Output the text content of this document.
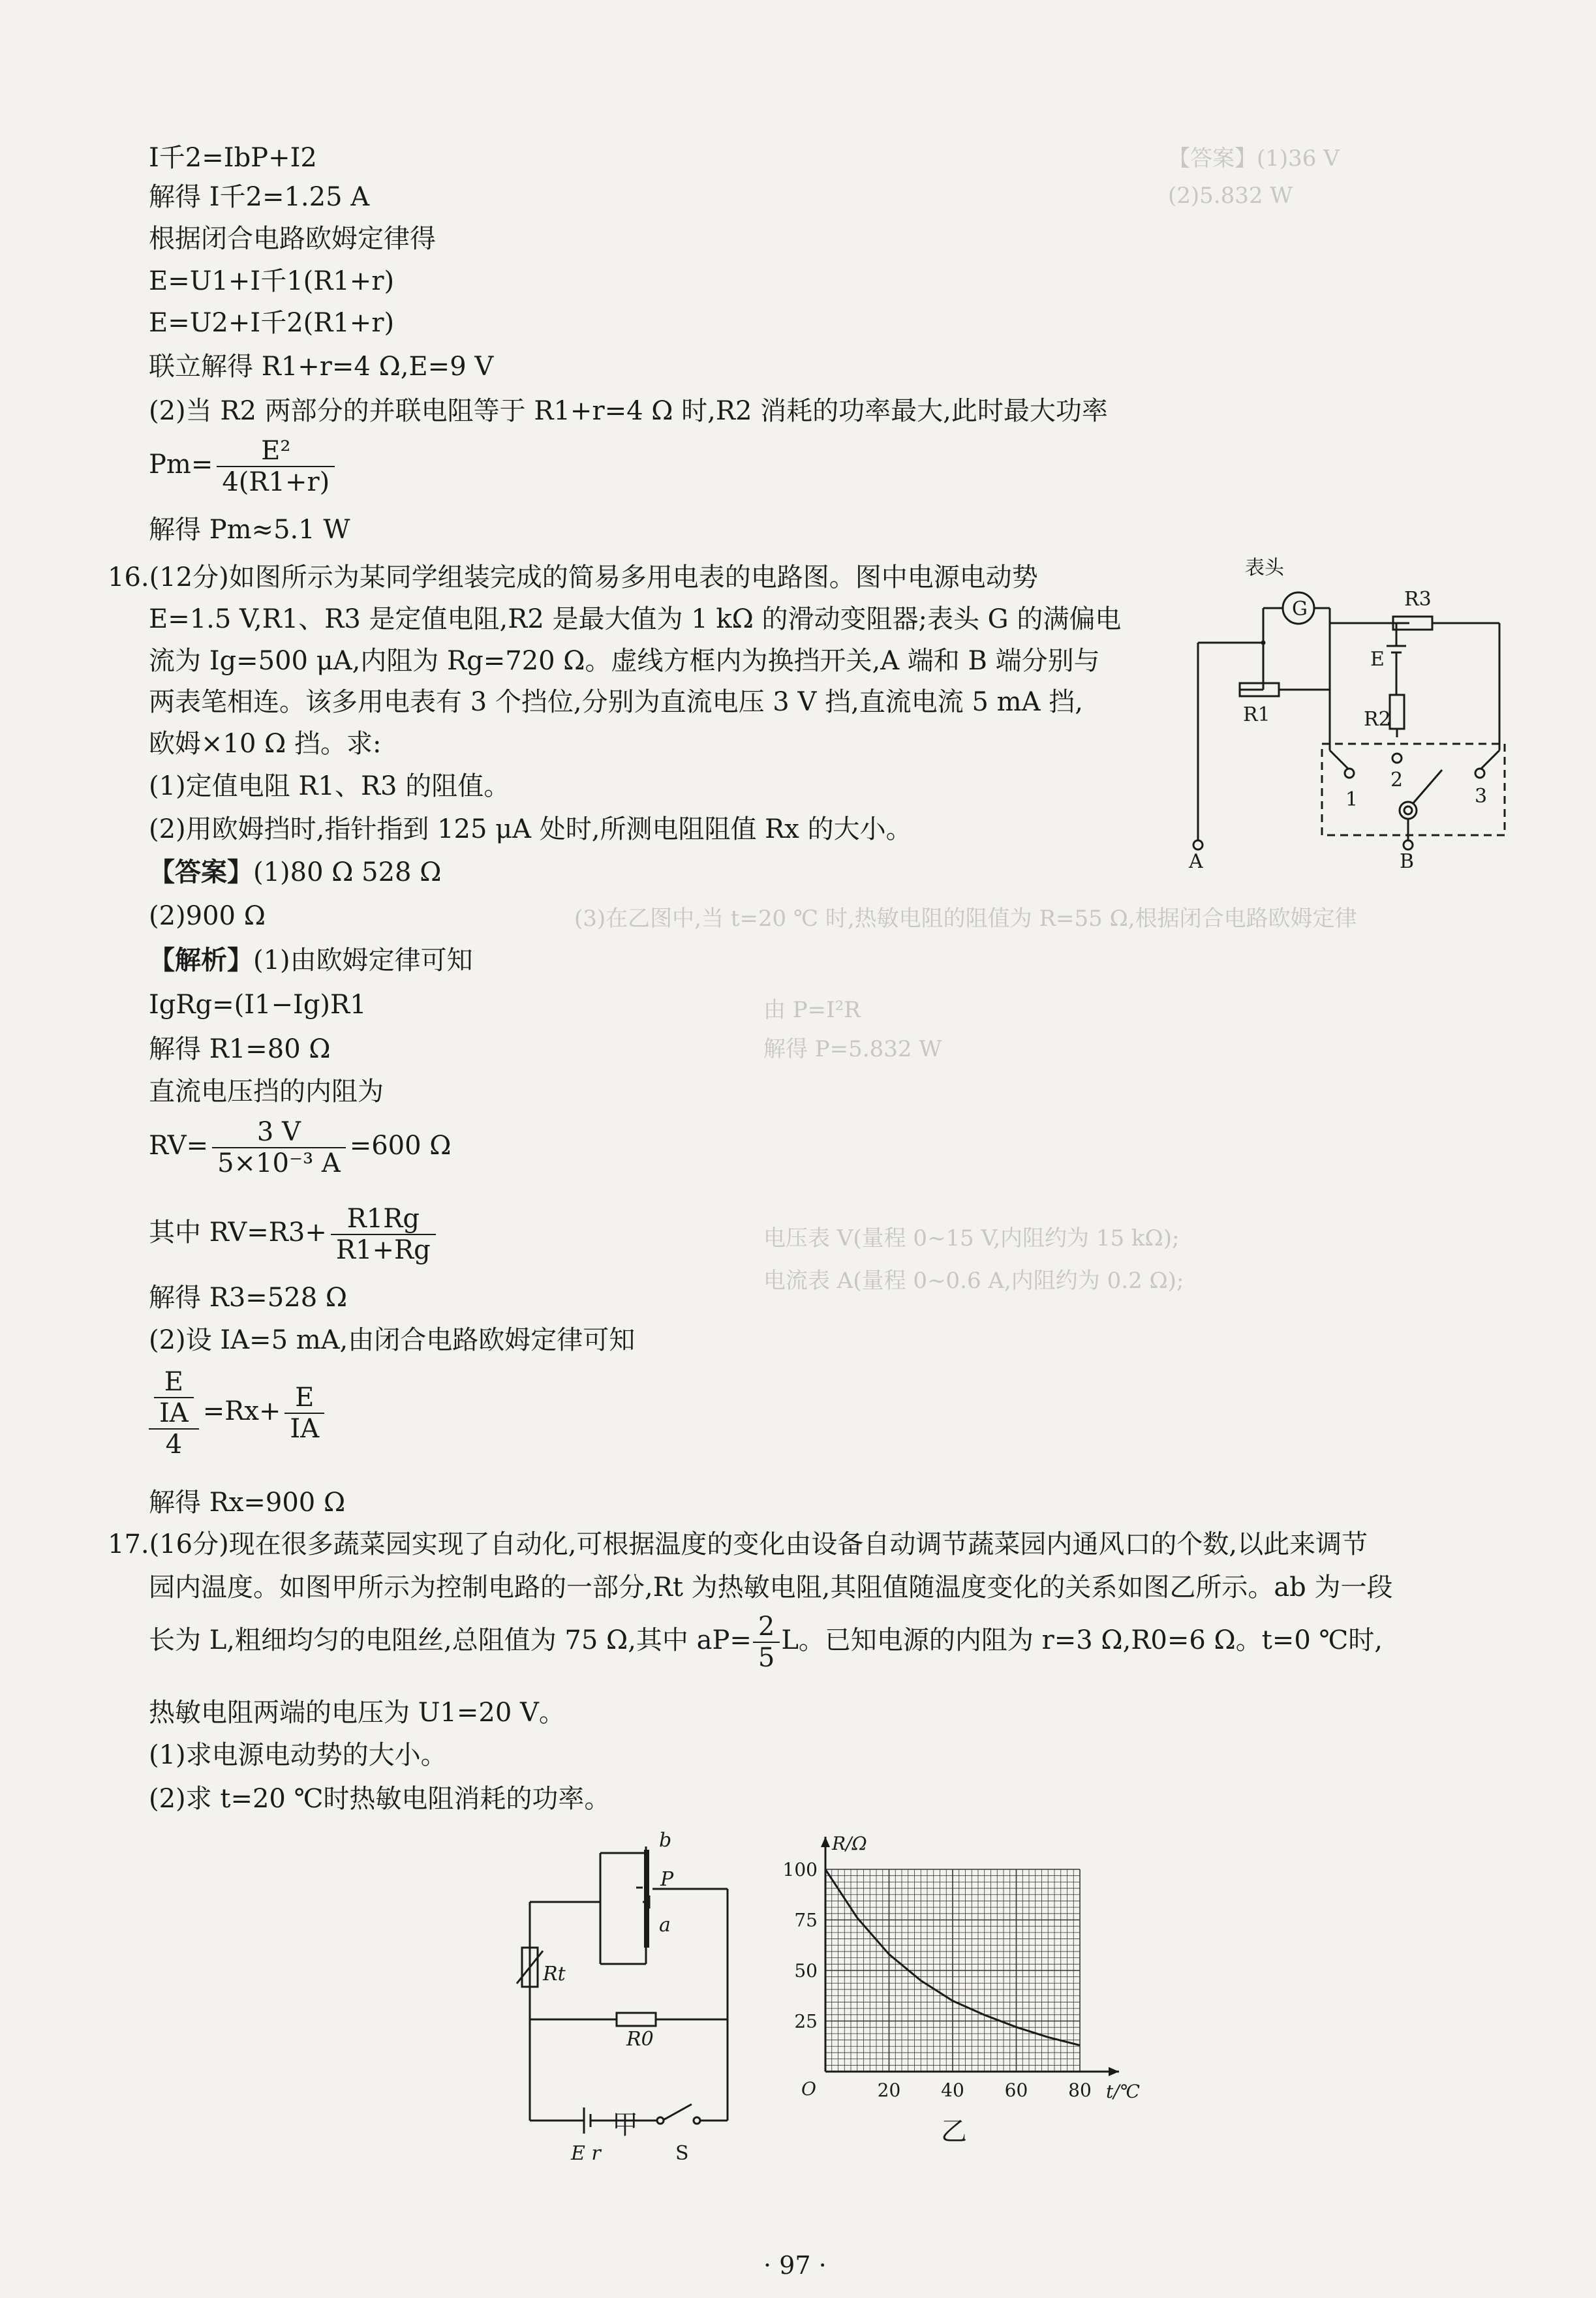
【答案】(1)36 V
(2)5.832 W
(3)在乙图中,当 t=20 ℃ 时,热敏电阻的阻值为 R=55 Ω,根据闭合电路欧姆定律
由 P=I²R
解得 P=5.832 W
电压表 V(量程 0~15 V,内阻约为 15 kΩ);
电流表 A(量程 0~0.6 A,内阻约为 0.2 Ω);
I千2=IbP+I2
解得 I千2=1.25 A
根据闭合电路欧姆定律得
E=U1+I千1(R1+r)
E=U2+I千2(R1+r)
联立解得 R1+r=4 Ω,E=9 V
(2)当 R2 两部分的并联电阻等于 R1+r=4 Ω 时,R2 消耗的功率最大,此时最大功率
$Pm= \frac{\text{E²}}{4(R1+r)}$
解得 Pm≈5.1 W
16.(12分)如图所示为某同学组装完成的简易多用电表的电路图。图中电源电动势
E=1.5 V,R1、R3 是定值电阻,R2 是最大值为 1 kΩ 的滑动变阻器;表头 G 的满偏电
流为 Ig=500 μA,内阻为 Rg=720 Ω。虚线方框内为换挡开关,A 端和 B 端分别与
两表笔相连。该多用电表有 3 个挡位,分别为直流电压 3 V 挡,直流电流 5 mA 挡,
欧姆×10 Ω 挡。求:
(1)定值电阻 R1、R3 的阻值。
(2)用欧姆挡时,指针指到 125 μA 处时,所测电阻阻值 Rx 的大小。
【答案】(1)80 Ω 528 Ω
(2)900 Ω
【解析】(1)由欧姆定律可知
IgRg=(I1−Ig)R1
解得 R1=80 Ω
直流电压挡的内阻为
$RV= \frac{3 V}{\text{5×10⁻³ A}} =600$ Ω
其中 $RV=R3+ \frac{R1Rg}{R1+Rg}$
解得 R3=528 Ω
(2)设 IA=5 mA,由闭合电路欧姆定律可知
$\frac{\frac{E}{IA}}{4} =Rx+ \frac{E}{IA}$
解得 Rx=900 Ω
表头
G
R1
R3
E
R2
1
2
3
A	B
17.(16分)现在很多蔬菜园实现了自动化,可根据温度的变化由设备自动调节蔬菜园内通风口的个数,以此来调节
园内温度。如图甲所示为控制电路的一部分,Rt 为热敏电阻,其阻值随温度变化的关系如图乙所示。ab 为一段
长为 L,粗细均匀的电阻丝,总阻值为 75 Ω,其中 $aP= \frac{2}{5}$ L。已知电源的内阻为 r=3 Ω,R0=6 Ω。t=0 ℃时,
热敏电阻两端的电压为 U1=20 V。
(1)求电源电动势的大小。
(2)求 t=20 ℃时热敏电阻消耗的功率。
b
P
a
Rt
R0
E r	S
甲
20 40 60 80
25
50
75
100
O	t/℃
R/Ω
乙
· 97 ·
